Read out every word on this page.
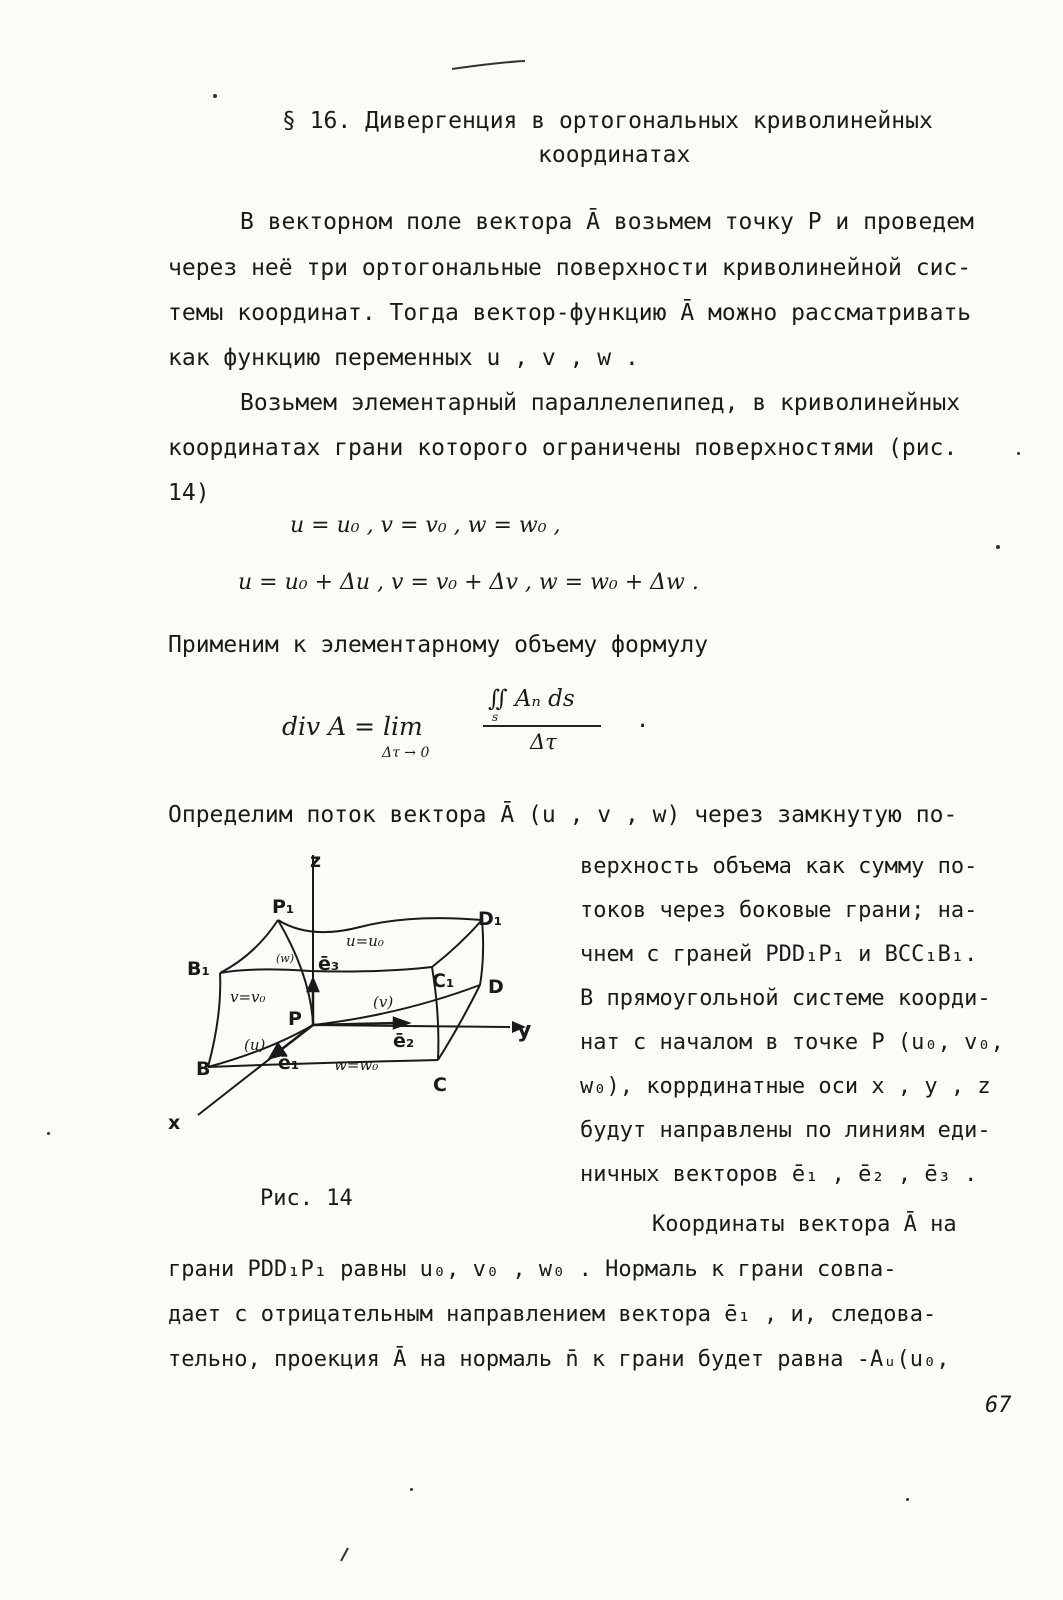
§ 16. Дивергенция в ортогональных криволинейных
координатах
В векторном поле вектора Ā возьмем точку P и проведем
через неё три ортогональные поверхности криволинейной сис-
темы координат. Тогда вектор-функцию Ā можно рассматривать
как функцию переменных u , v , w .
Возьмем элементарный параллелепипед, в криволинейных
координатах грани которого ограничены поверхностями (рис.
14)
u = u₀ , v = v₀ , w = w₀ ,
u = u₀ + Δu , v = v₀ + Δv , w = w₀ + Δw .
Применим к элементарному объему формулу
div A = lim
Δτ → 0
∬ Aₙ ds
s
Δτ
.
Определим поток вектора Ā (u , v , w) через замкнутую по-
верхность объема как сумму по-
токов через боковые грани; на-
чнем с граней PDD₁P₁ и BCC₁B₁.
В прямоугольной системе коорди-
нат с началом в точке P (u₀, v₀,
w₀), коррдинатные оси x , y , z
будут направлены по линиям еди-
ничных векторов ē₁ , ē₂ , ē₃ .
z
y
x
P₁
D₁
B₁
C₁
P
D
B
C
ē₁
ē₂
ē₃
u=u₀
v=v₀
w=w₀
(w)
(v)
(u)
Рис. 14
Координаты вектора Ā на
грани PDD₁P₁ равны u₀, v₀ , w₀ . Нормаль к грани совпа-
дает с отрицательным направлением вектора ē₁ , и, следова-
тельно, проекция Ā на нормаль n̄ к грани будет равна -Aᵤ(u₀,
67
